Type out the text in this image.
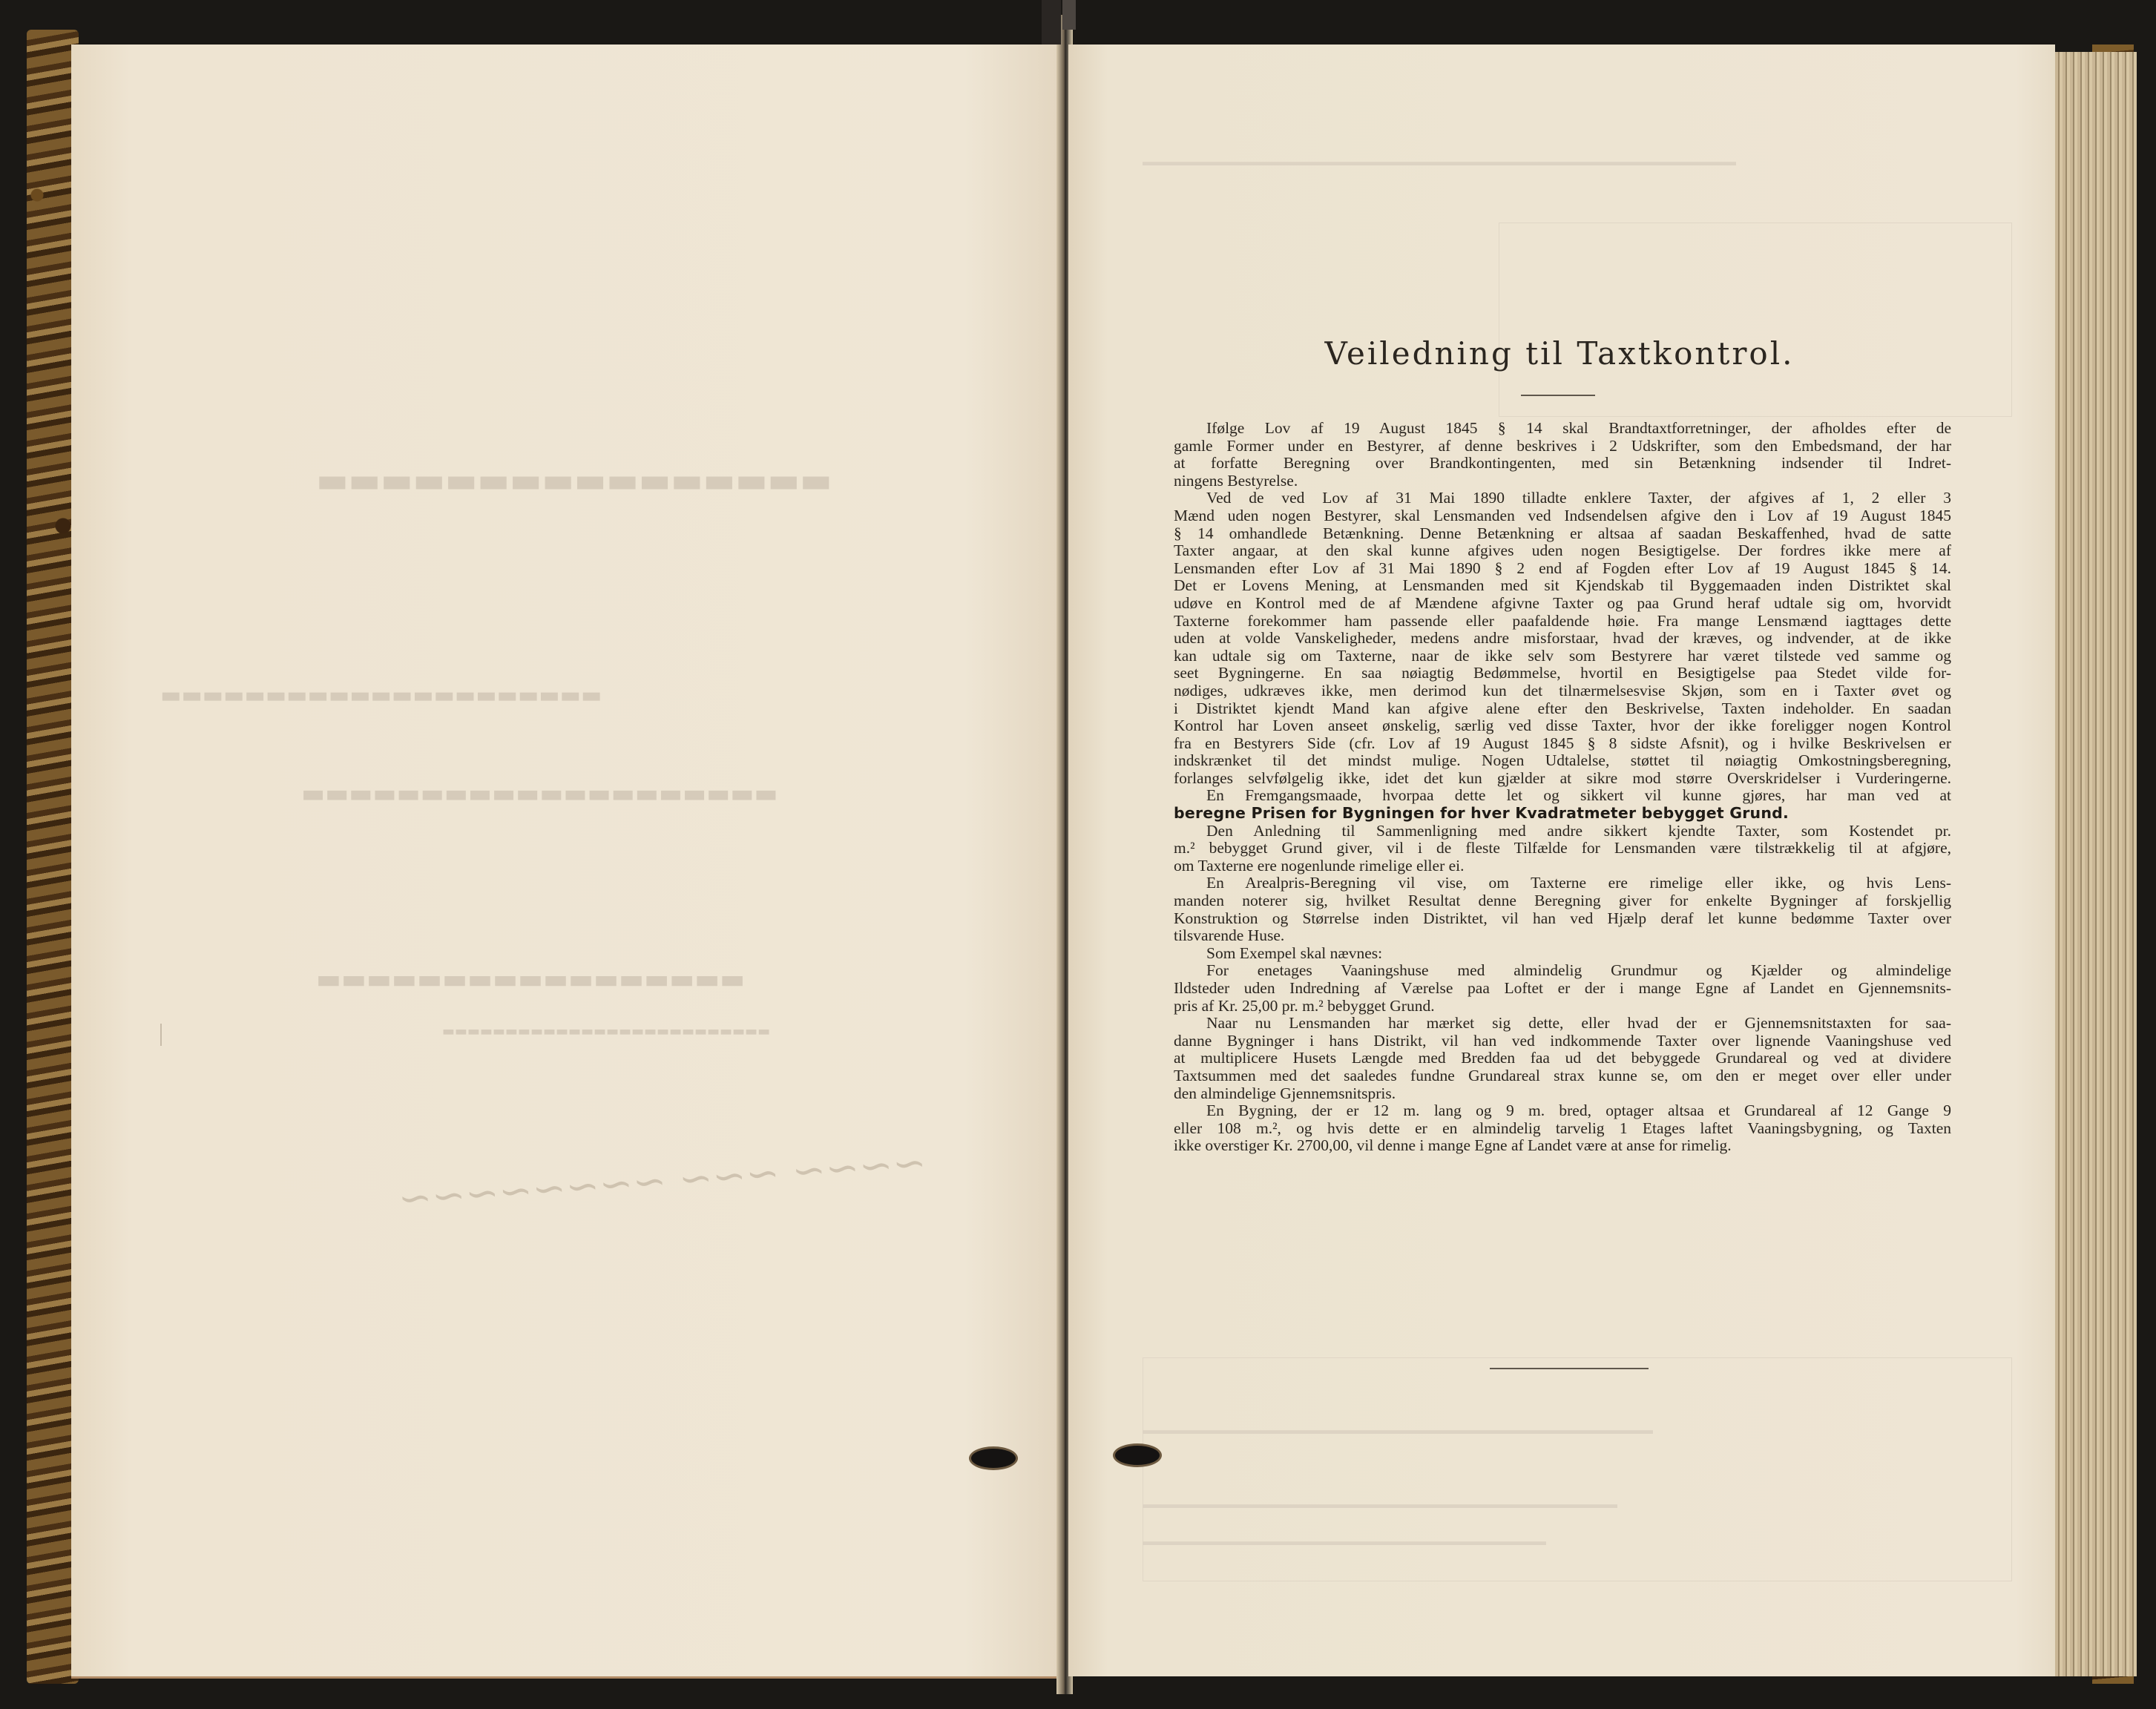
▬▬▬▬▬▬▬▬▬▬▬▬▬▬▬▬
▬▬▬▬▬▬▬▬▬▬▬▬▬▬▬▬▬▬▬▬▬
▬▬▬▬▬▬▬▬▬▬▬▬▬▬▬▬▬▬▬▬
▬▬▬▬▬▬▬▬▬▬▬▬▬▬▬▬▬
▬▬▬▬▬▬▬▬▬▬▬▬▬▬▬▬▬▬▬▬▬▬▬▬▬▬
~~~~ ~~~ ~~~~~~~~
▬▬▬▬▬▬▬▬▬▬▬▬▬▬▬▬▬▬▬▬▬▬▬▬▬▬▬▬▬▬▬▬▬▬▬▬▬▬▬▬▬▬▬▬▬▬▬▬▬▬
▬▬▬▬▬▬▬▬▬▬▬▬▬▬▬▬▬▬▬▬▬▬▬▬▬▬▬▬▬▬▬▬▬▬▬▬▬▬▬▬▬▬▬
▬▬▬▬▬▬▬▬▬▬▬▬▬▬▬▬▬▬▬▬▬▬▬▬▬▬▬▬▬▬▬▬▬▬▬▬▬▬▬▬
▬▬▬▬▬▬▬▬▬▬▬▬▬▬▬▬▬▬▬▬▬▬▬▬▬▬▬▬▬▬▬▬▬▬
Veiledning til Taxtkontrol.
Ifølge Lov af 19 August 1845 § 14 skal Brandtaxtforretninger, der afholdes efter de
gamle Former under en Bestyrer, af denne beskrives i 2 Udskrifter, som den Embedsmand, der har
at forfatte Beregning over Brandkontingenten, med sin Betænkning indsender til Indret-
ningens Bestyrelse.
Ved de ved Lov af 31 Mai 1890 tilladte enklere Taxter, der afgives af 1, 2 eller 3
Mænd uden nogen Bestyrer, skal Lensmanden ved Indsendelsen afgive den i Lov af 19 August 1845
§ 14 omhandlede Betænkning. Denne Betænkning er altsaa af saadan Beskaffenhed, hvad de satte
Taxter angaar, at den skal kunne afgives uden nogen Besigtigelse. Der fordres ikke mere af
Lensmanden efter Lov af 31 Mai 1890 § 2 end af Fogden efter Lov af 19 August 1845 § 14.
Det er Lovens Mening, at Lensmanden med sit Kjendskab til Byggemaaden inden Distriktet skal
udøve en Kontrol med de af Mændene afgivne Taxter og paa Grund heraf udtale sig om, hvorvidt
Taxterne forekommer ham passende eller paafaldende høie. Fra mange Lensmænd iagttages dette
uden at volde Vanskeligheder, medens andre misforstaar, hvad der kræves, og indvender, at de ikke
kan udtale sig om Taxterne, naar de ikke selv som Bestyrere har været tilstede ved samme og
seet Bygningerne. En saa nøiagtig Bedømmelse, hvortil en Besigtigelse paa Stedet vilde for-
nødiges, udkræves ikke, men derimod kun det tilnærmelsesvise Skjøn, som en i Taxter øvet og
i Distriktet kjendt Mand kan afgive alene efter den Beskrivelse, Taxten indeholder. En saadan
Kontrol har Loven anseet ønskelig, særlig ved disse Taxter, hvor der ikke foreligger nogen Kontrol
fra en Bestyrers Side (cfr. Lov af 19 August 1845 § 8 sidste Afsnit), og i hvilke Beskrivelsen er
indskrænket til det mindst mulige. Nogen Udtalelse, støttet til nøiagtig Omkostningsberegning,
forlanges selvfølgelig ikke, idet det kun gjælder at sikre mod større Overskridelser i Vurderingerne.
En Fremgangsmaade, hvorpaa dette let og sikkert vil kunne gjøres, har man ved at
beregne Prisen for Bygningen for hver Kvadratmeter bebygget Grund.
Den Anledning til Sammenligning med andre sikkert kjendte Taxter, som Kostendet pr.
m.² bebygget Grund giver, vil i de fleste Tilfælde for Lensmanden være tilstrækkelig til at afgjøre,
om Taxterne ere nogenlunde rimelige eller ei.
En Arealpris-Beregning vil vise, om Taxterne ere rimelige eller ikke, og hvis Lens-
manden noterer sig, hvilket Resultat denne Beregning giver for enkelte Bygninger af forskjellig
Konstruktion og Størrelse inden Distriktet, vil han ved Hjælp deraf let kunne bedømme Taxter over
tilsvarende Huse.
Som Exempel skal nævnes:
For enetages Vaaningshuse med almindelig Grundmur og Kjælder og almindelige
Ildsteder uden Indredning af Værelse paa Loftet er der i mange Egne af Landet en Gjennemsnits-
pris af Kr. 25,00 pr. m.² bebygget Grund.
Naar nu Lensmanden har mærket sig dette, eller hvad der er Gjennemsnitstaxten for saa-
danne Bygninger i hans Distrikt, vil han ved indkommende Taxter over lignende Vaaningshuse ved
at multiplicere Husets Længde med Bredden faa ud det bebyggede Grundareal og ved at dividere
Taxtsummen med det saaledes fundne Grundareal strax kunne se, om den er meget over eller under
den almindelige Gjennemsnitspris.
En Bygning, der er 12 m. lang og 9 m. bred, optager altsaa et Grundareal af 12 Gange 9
eller 108 m.², og hvis dette er en almindelig tarvelig 1 Etages laftet Vaaningsbygning, og Taxten
ikke overstiger Kr. 2700,00, vil denne i mange Egne af Landet være at anse for rimelig.
